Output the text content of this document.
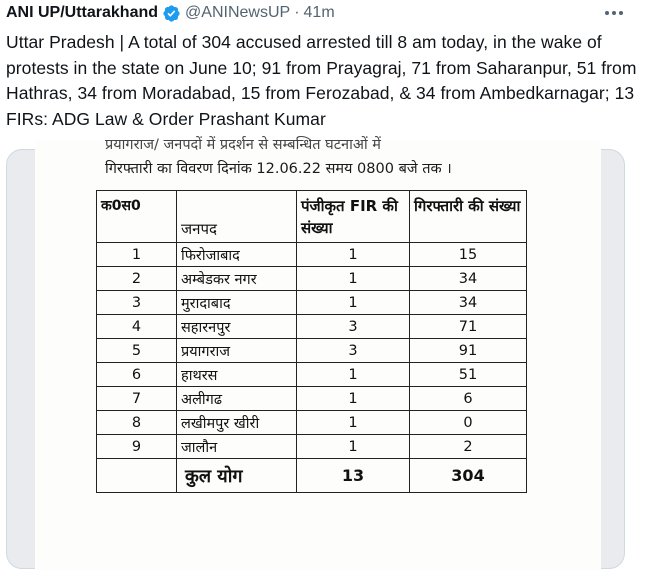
ANI UP/Uttarakhand @ANINewsUP · 41m
Uttar Pradesh | A total of 304 accused arrested till 8 am today, in the wake of protests in the state on June 10; 91 from Prayagraj, 71 from Saharanpur, 51 from Hathras, 34 from Moradabad, 15 from Ferozabad, & 34 from Ambedkarnagar; 13 FIRs: ADG Law & Order Prashant Kumar
प्रयागराज/ जनपदों में प्रदर्शन से सम्बन्धित घटनाओं में
गिरफ्तारी का विवरण दिनांक 12.06.22 समय 0800 बजे तक ।
क0स0	जनपद	पंजीकृत FIR की संख्या	गिरफ्तारी की संख्या
1	फिरोजाबाद	1	15
2	अम्बेडकर नगर	1	34
3	मुरादाबाद	1	34
4	सहारनपुर	3	71
5	प्रयागराज	3	91
6	हाथरस	1	51
7	अलीगढ	1	6
8	लखीमपुर खीरी	1	0
9	जालौन	1	2
	कुल योग	13	304
